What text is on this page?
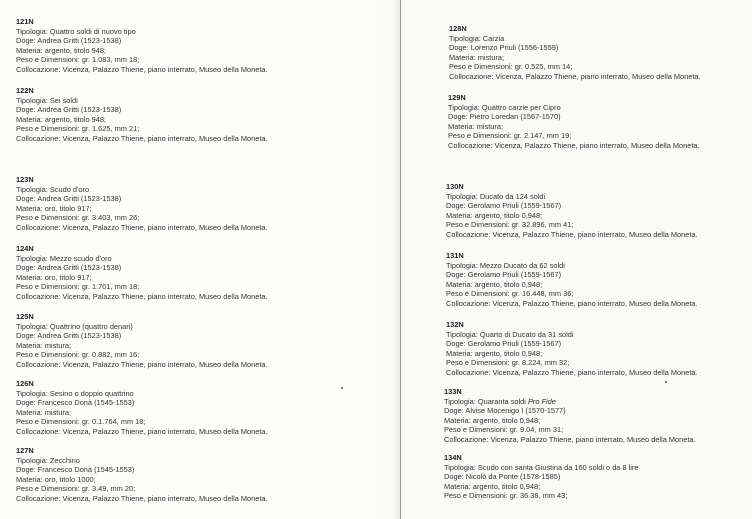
121N
Tipologia: Quattro soldi di nuovo tipo
Doge: Andrea Gritti (1523-1538)
Materia: argento, titolo 948;
Peso e Dimensioni: gr. 1.083, mm 18;
Collocazione: Vicenza, Palazzo Thiene, piano interrato, Museo della Moneta.
122N
Tipologia: Sei soldi
Doge: Andrea Gritti (1523-1538)
Materia: argento, titolo 948;
Peso e Dimensioni: gr. 1.625, mm 21;
Collocazione: Vicenza, Palazzo Thiene, piano interrato, Museo della Moneta.
123N
Tipologia: Scudo d'oro
Doge: Andrea Gritti (1523-1538)
Materia: oro, titolo 917;
Peso e Dimensioni: gr. 3.403, mm 26;
Collocazione: Vicenza, Palazzo Thiene, piano interrato, Museo della Moneta.
124N
Tipologia: Mezzo scudo d'oro
Doge: Andrea Gritti (1523-1538)
Materia: oro, titolo 917;
Peso e Dimensioni: gr. 1.701, mm 18;
Collocazione: Vicenza, Palazzo Thiene, piano interrato, Museo della Moneta.
125N
Tipologia: Quattrino (quattro denari)
Doge: Andrea Gritti (1523-1538)
Materia: mistura;
Peso e Dimensioni: gr. 0.882, mm 16;
Collocazione: Vicenza, Palazzo Thiene, piano interrato, Museo della Moneta.
126N
Tipologia: Sesino o doppio quattrino
Doge: Francesco Donà (1545-1553)
Materia: mistura;
Peso e Dimensioni: gr. 0.1.764, mm 18;
Collocazione: Vicenza, Palazzo Thiene, piano interrato, Museo della Moneta.
127N
Tipologia: Zecchino
Doge: Francesco Donà (1545-1553)
Materia: oro, titolo 1000;
Peso e Dimensioni: gr. 3.49, mm 20;
Collocazione: Vicenza, Palazzo Thiene, piano interrato, Museo della Moneta.
128N
Tipologia: Carzia
Doge: Lorenzo Priuli (1556-1559)
Materia: mistura;
Peso e Dimensioni: gr. 0.525, mm 14;
Collocazione: Vicenza, Palazzo Thiene, piano interrato, Museo della Moneta.
129N
Tipologia: Quattro carzie per Cipro
Doge: Pietro Loredan (1567-1570)
Materia: mistura;
Peso e Dimensioni: gr. 2.147, mm 19;
Collocazione: Vicenza, Palazzo Thiene, piano interrato, Museo della Moneta.
130N
Tipologia: Ducato da 124 soldi
Doge: Gerolamo Priuli (1559-1567)
Materia: argento, titolo 0,948;
Peso e Dimensioni: gr. 32.896, mm 41;
Collocazione: Vicenza, Palazzo Thiene, piano interrato, Museo della Moneta.
131N
Tipologia: Mezzo Ducato da 62 soldi
Doge: Gerolamo Priuli (1559-1567)
Materia: argento, titolo 0,948;
Peso e Dimensioni: gr. 16.448, mm 36;
Collocazione: Vicenza, Palazzo Thiene, piano interrato, Museo della Moneta.
132N
Tipologia: Quarto di Ducato da 31 soldi
Doge: Gerolamo Priuli (1559-1567)
Materia: argento, titolo 0,948;
Peso e Dimensioni: gr. 8.224, mm 32;
Collocazione: Vicenza, Palazzo Thiene, piano interrato, Museo della Moneta.
133N
Tipologia: Quaranta soldi Pro Fide
Doge: Alvise Mocenigo I (1570-1577)
Materia: argento, titolo 0,948;
Peso e Dimensioni: gr. 9.04, mm 31;
Collocazione: Vicenza, Palazzo Thiene, piano interrato, Museo della Moneta.
134N
Tipologia: Scudo con santa Giustina da 160 soldi o da 8 lire
Doge: Nicolò da Ponte (1578-1585)
Materia: argento, titolo 0,948;
Peso e Dimensioni: gr. 36.38, mm 43;
